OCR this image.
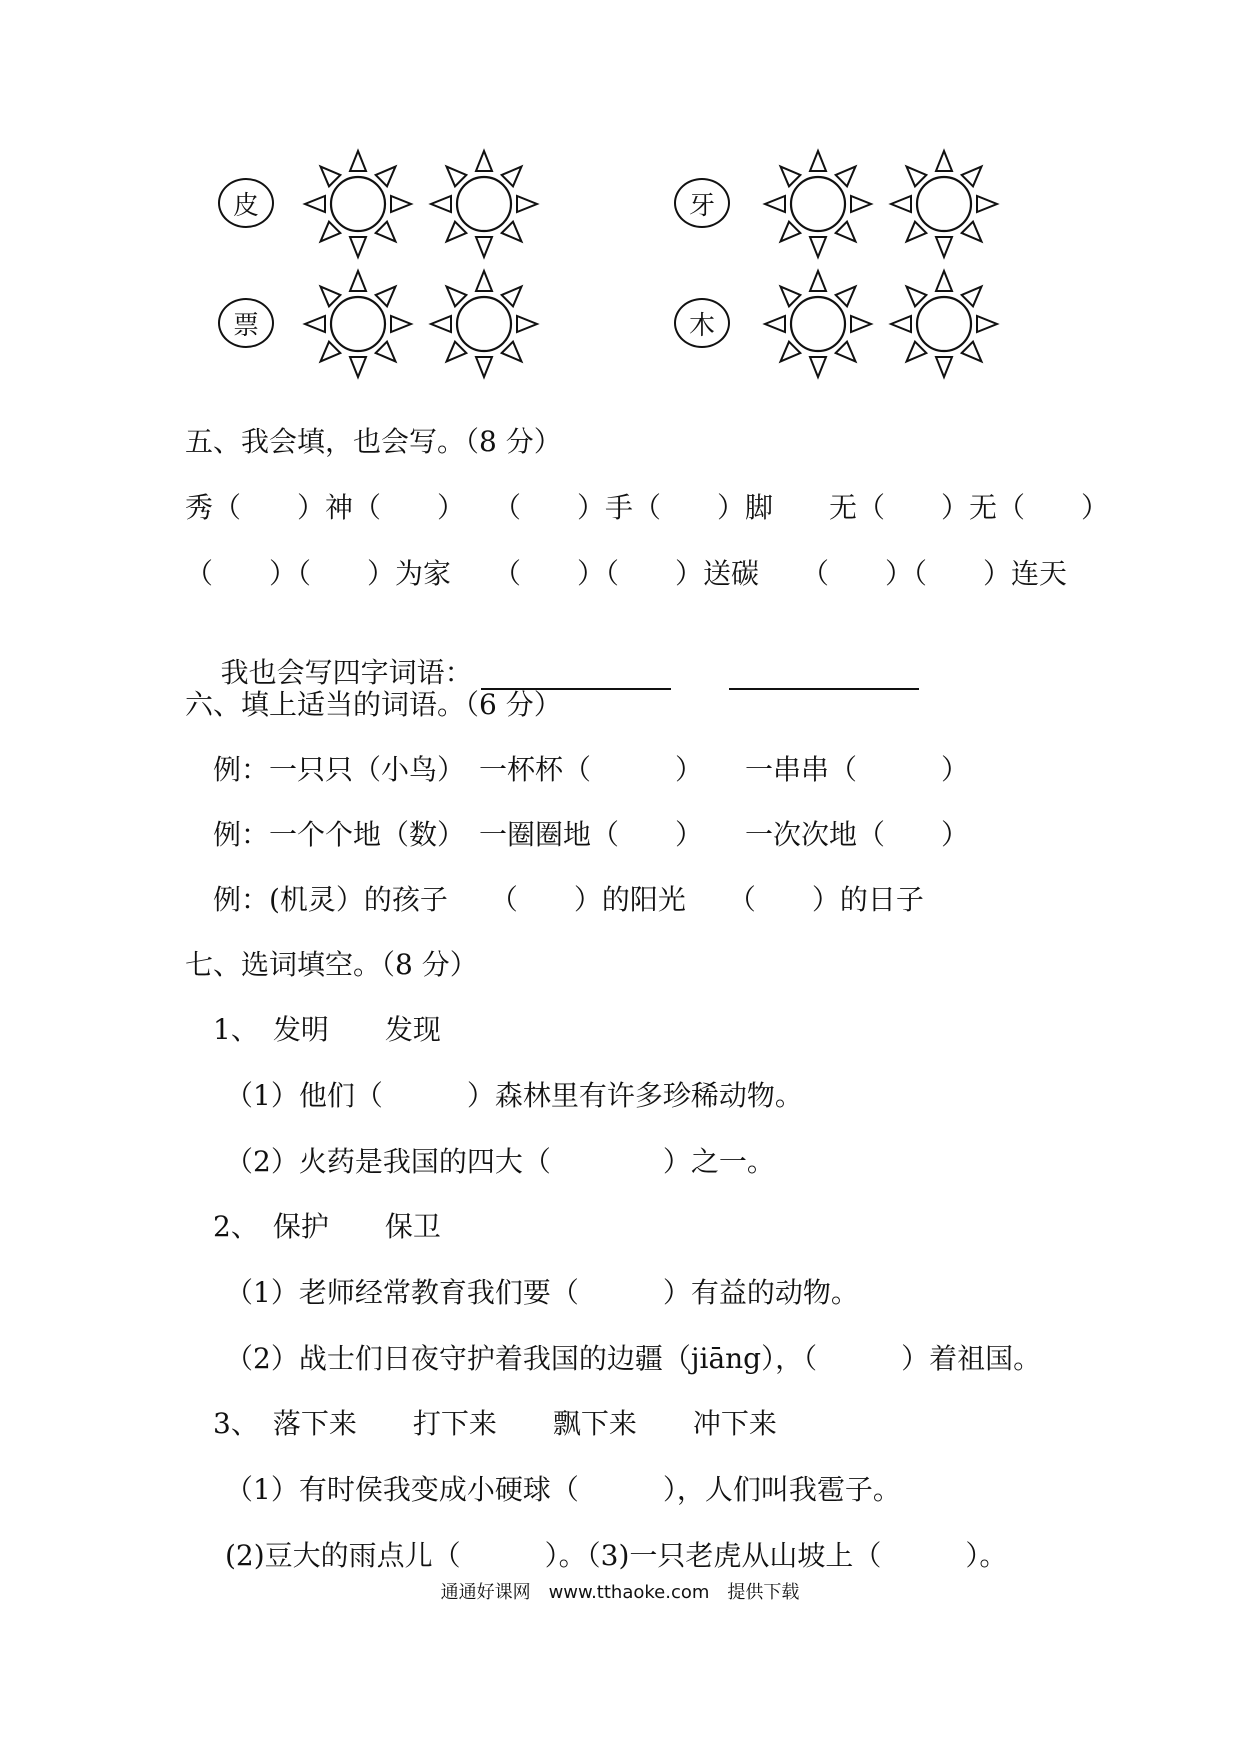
皮	牙
票	木
五、我会填，也会写。（8 分）
秀（　　）神（　　）　　（　　）手（　　）脚　　无（　　）无（　　）
（　　）（　　）为家　　（　　）（　　）送碳　　（　　）（　　）连天

我也会写四字词语：

六、填上适当的词语。（6 分）
例：一只只（小鸟）　一杯杯（　　　）　　一串串（　　　）
例：一个个地（数）　一圈圈地（　　）　　一次次地（　　）
例：(机灵）的孩子　　（　　）的阳光　　（　　）的日子
七、选词填空。（8 分）
1、　 发明　　发现
（1）他们（　　　）森林里有许多珍稀动物。
（2）火药是我国的四大（　　　　）之一。
2、　 保护　　保卫
（1）老师经常教育我们要（　　　）有益的动物。
（2）战士们日夜守护着我国的边疆（jiāng），（　　　）着祖国。
3、　 落下来　　打下来　　飘下来　　冲下来
（1）有时侯我变成小硬球（　　　），人们叫我雹子。
(2)豆大的雨点儿（　　　）。（3)一只老虎从山坡上（　　　）。
通通好课网　www.tthaoke.com　提供下载
